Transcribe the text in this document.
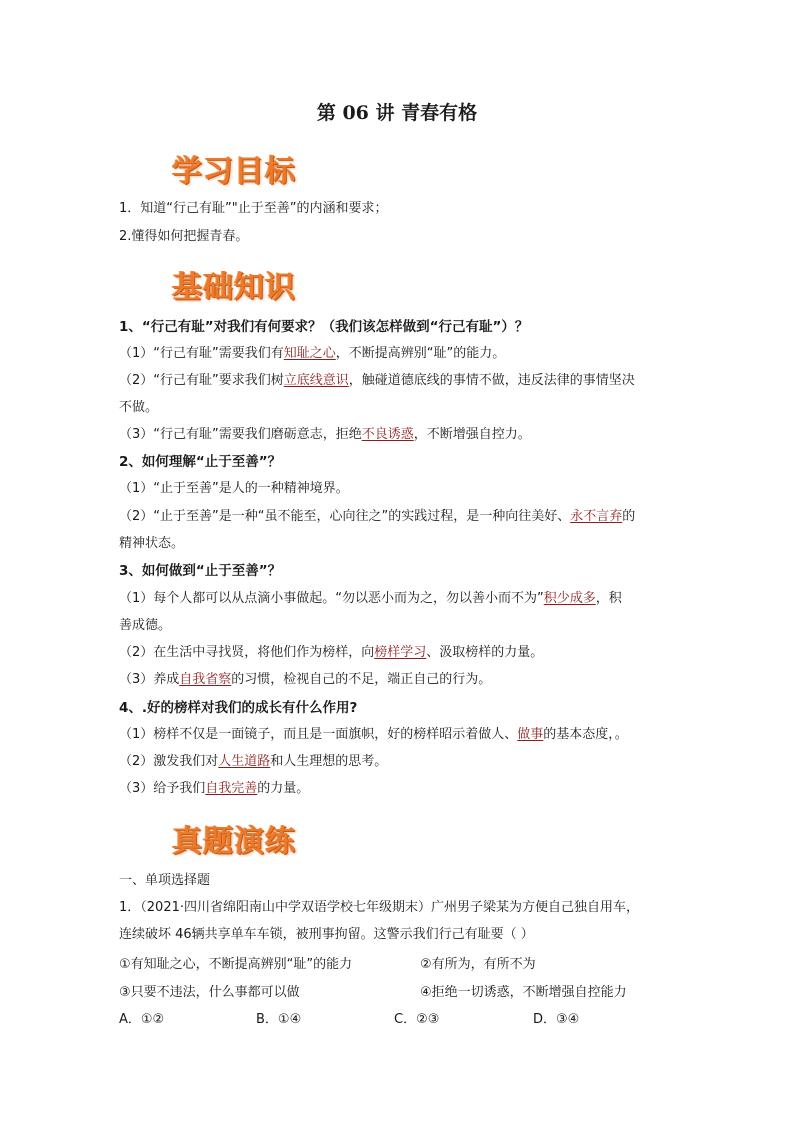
第 06 讲 青春有格
学习目标
1．知道“行己有耻”"止于至善”的内涵和要求；
2.懂得如何把握青春。
基础知识
1、“行己有耻”对我们有何要求？（我们该怎样做到“行己有耻”）？
（1）“行己有耻”需要我们有知耻之心，不断提高辨别“耻”的能力。
（2）“行己有耻”要求我们树立底线意识，触碰道德底线的事情不做，违反法律的事情坚决
不做。
（3）“行己有耻”需要我们磨砺意志，拒绝不良诱惑，不断增强自控力。
2、如何理解“止于至善”？
（1）“止于至善”是人的一种精神境界。
（2）“止于至善”是一种“虽不能至，心向往之”的实践过程，是一种向往美好、永不言弃的
精神状态。
3、如何做到“止于至善”？
（1）每个人都可以从点滴小事做起。“勿以恶小而为之，勿以善小而不为”积少成多，积
善成德。
（2）在生活中寻找贤，将他们作为榜样，向榜样学习、汲取榜样的力量。
（3）养成自我省察的习惯，检视自己的不足，端正自己的行为。
4、.好的榜样对我们的成长有什么作用?
（1）榜样不仅是一面镜子，而且是一面旗帜，好的榜样昭示着做人、做事的基本态度，。
（2）激发我们对人生道路和人生理想的思考。
（3）给予我们自我完善的力量。
真题演练
一、单项选择题
1．（2021·四川省绵阳南山中学双语学校七年级期末）广州男子梁某为方便自己独自用车，
连续破坏 46辆共享单车车锁，被刑事拘留。这警示我们行己有耻要（ ）
①有知耻之心，不断提高辨别“耻”的能力	②有所为，有所不为
③只要不违法，什么事都可以做	④拒绝一切诱惑，不断增强自控能力
A．①②	B．①④	C．②③	D．③④
